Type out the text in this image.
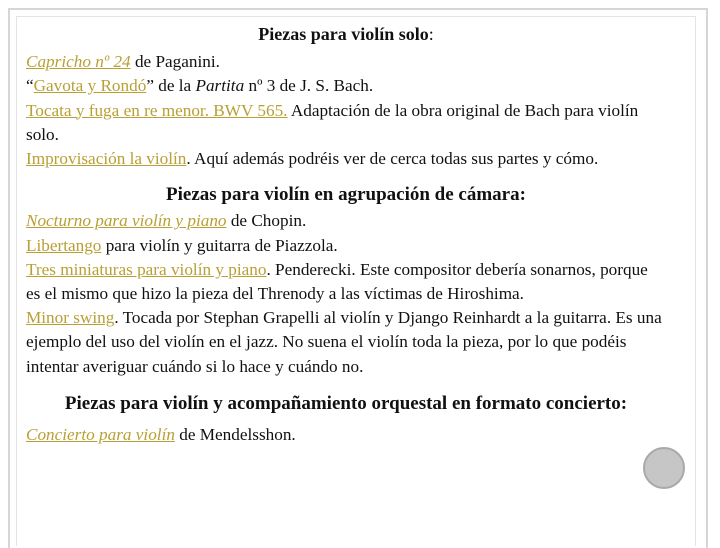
Piezas para violín solo:

Capricho nº 24 de Paganini.

“Gavota y Rondó” de la Partita nº 3 de J. S. Bach.

Tocata y fuga en re menor. BWV 565. Adaptación de la obra original de Bach para violín solo.

Improvisación la violín. Aquí además podréis ver de cerca todas sus partes y cómo.

Piezas para violín en agrupación de cámara:

Nocturno para violín y piano de Chopin.

Libertango para violín y guitarra de Piazzola.

Tres miniaturas para violín y piano. Penderecki. Este compositor debería sonarnos, porque es el mismo que hizo la pieza del Threnody a las víctimas de Hiroshima.

Minor swing. Tocada por Stephan Grapelli al violín y Django Reinhardt a la guitarra. Es una ejemplo del uso del violín en el jazz. No suena el violín toda la pieza, por lo que podéis intentar averiguar cuándo si lo hace y cuándo no.

Piezas para violín y acompañamiento orquestal en formato concierto:

Concierto para violín de Mendelsshon.
